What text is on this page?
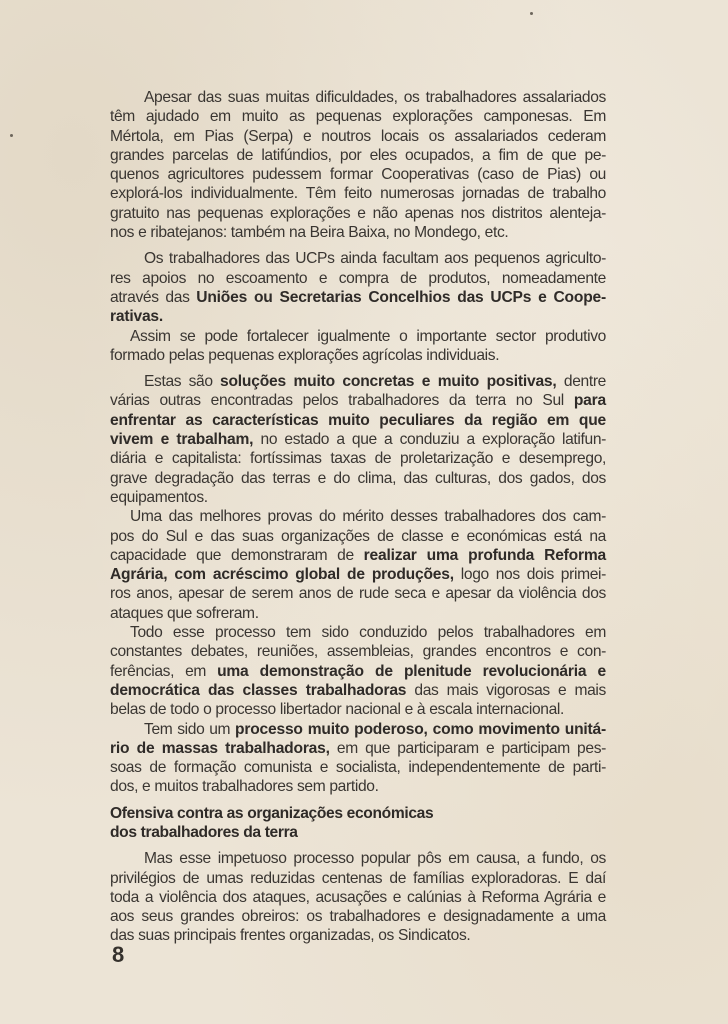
Apesar das suas muitas dificuldades, os trabalhadores assalariados
têm ajudado em muito as pequenas explorações camponesas. Em
Mértola, em Pias (Serpa) e noutros locais os assalariados cederam
grandes parcelas de latifúndios, por eles ocupados, a fim de que pe-
quenos agricultores pudessem formar Cooperativas (caso de Pias) ou
explorá-los individualmente. Têm feito numerosas jornadas de trabalho
gratuito nas pequenas explorações e não apenas nos distritos alenteja-
nos e ribatejanos: também na Beira Baixa, no Mondego, etc.
Os trabalhadores das UCPs ainda facultam aos pequenos agriculto-
res apoios no escoamento e compra de produtos, nomeadamente
através das Uniões ou Secretarias Concelhios das UCPs e Coope-
rativas.
Assim se pode fortalecer igualmente o importante sector produtivo
formado pelas pequenas explorações agrícolas individuais.
Estas são soluções muito concretas e muito positivas, dentre
várias outras encontradas pelos trabalhadores da terra no Sul para
enfrentar as características muito peculiares da região em que
vivem e trabalham, no estado a que a conduziu a exploração latifun-
diária e capitalista: fortíssimas taxas de proletarização e desemprego,
grave degradação das terras e do clima, das culturas, dos gados, dos
equipamentos.
Uma das melhores provas do mérito desses trabalhadores dos cam-
pos do Sul e das suas organizações de classe e económicas está na
capacidade que demonstraram de realizar uma profunda Reforma
Agrária, com acréscimo global de produções, logo nos dois primei-
ros anos, apesar de serem anos de rude seca e apesar da violência dos
ataques que sofreram.
Todo esse processo tem sido conduzido pelos trabalhadores em
constantes debates, reuniões, assembleias, grandes encontros e con-
ferências, em uma demonstração de plenitude revolucionária e
democrática das classes trabalhadoras das mais vigorosas e mais
belas de todo o processo libertador nacional e à escala internacional.
Tem sido um processo muito poderoso, como movimento unitá-
rio de massas trabalhadoras, em que participaram e participam pes-
soas de formação comunista e socialista, independentemente de parti-
dos, e muitos trabalhadores sem partido.
Ofensiva contra as organizações económicas
dos trabalhadores da terra
Mas esse impetuoso processo popular pôs em causa, a fundo, os
privilégios de umas reduzidas centenas de famílias exploradoras. E daí
toda a violência dos ataques, acusações e calúnias à Reforma Agrária e
aos seus grandes obreiros: os trabalhadores e designadamente a uma
das suas principais frentes organizadas, os Sindicatos.
8
